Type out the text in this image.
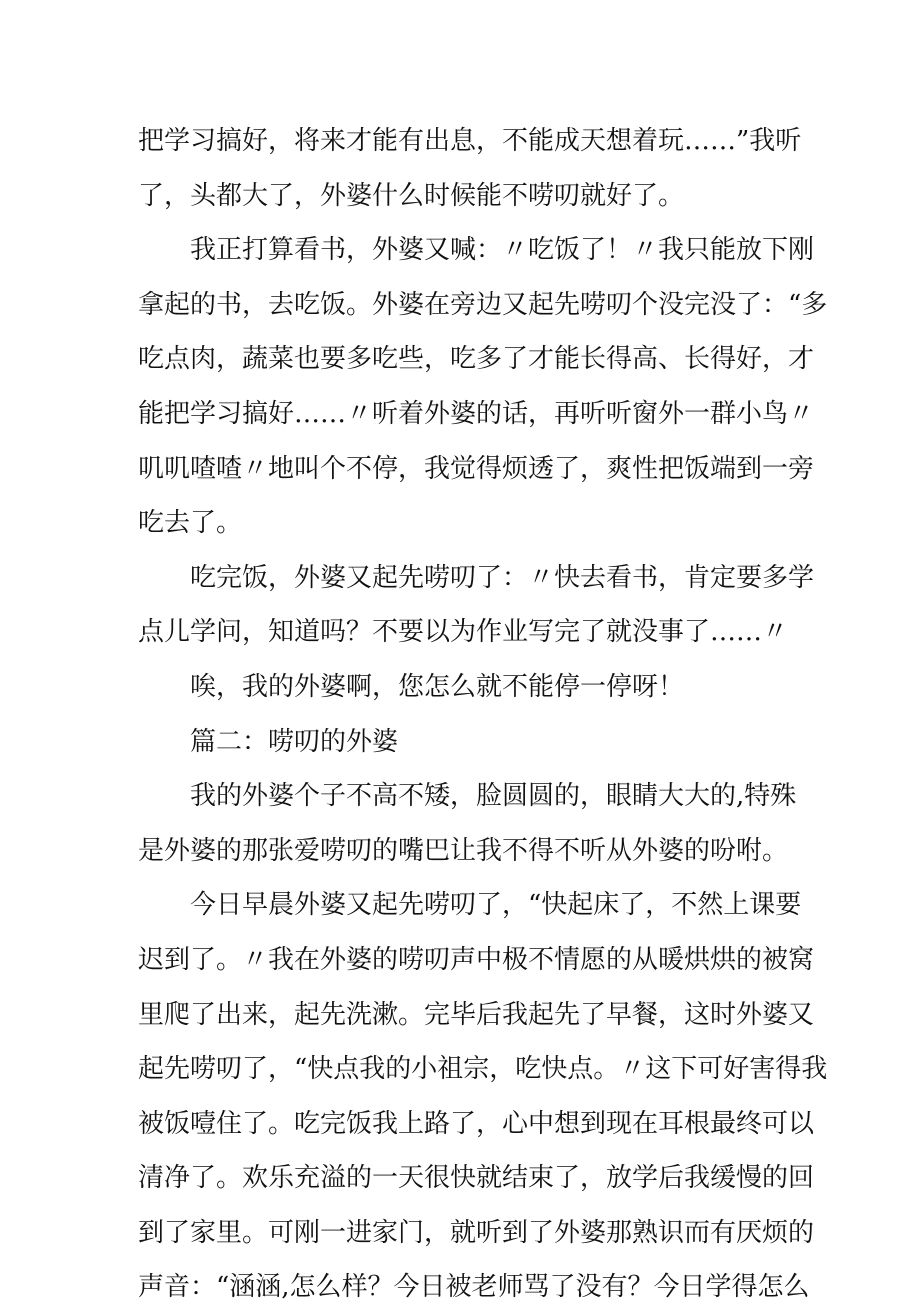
把学习搞好，将来才能有出息，不能成天想着玩……”我听
了，头都大了，外婆什么时候能不唠叨就好了。
我正打算看书，外婆又喊：〃吃饭了！〃我只能放下刚
拿起的书，去吃饭。外婆在旁边又起先唠叨个没完没了：“多
吃点肉，蔬菜也要多吃些，吃多了才能长得高、长得好，才
能把学习搞好……〃听着外婆的话，再听听窗外一群小鸟〃
叽叽喳喳〃地叫个不停，我觉得烦透了，爽性把饭端到一旁
吃去了。
吃完饭，外婆又起先唠叨了：〃快去看书，肯定要多学
点儿学问，知道吗？不要以为作业写完了就没事了……〃
唉，我的外婆啊，您怎么就不能停一停呀！
篇二：唠叨的外婆
我的外婆个子不高不矮，脸圆圆的，眼睛大大的,特殊
是外婆的那张爱唠叨的嘴巴让我不得不听从外婆的吩咐。
今日早晨外婆又起先唠叨了，“快起床了，不然上课要
迟到了。〃我在外婆的唠叨声中极不情愿的从暖烘烘的被窝
里爬了出来，起先洗漱。完毕后我起先了早餐，这时外婆又
起先唠叨了，“快点我的小祖宗，吃快点。〃这下可好害得我
被饭噎住了。吃完饭我上路了，心中想到现在耳根最终可以
清净了。欢乐充溢的一天很快就结束了，放学后我缓慢的回
到了家里。可刚一进家门，就听到了外婆那熟识而有厌烦的
声音：“涵涵,怎么样？今日被老师骂了没有？今日学得怎么
